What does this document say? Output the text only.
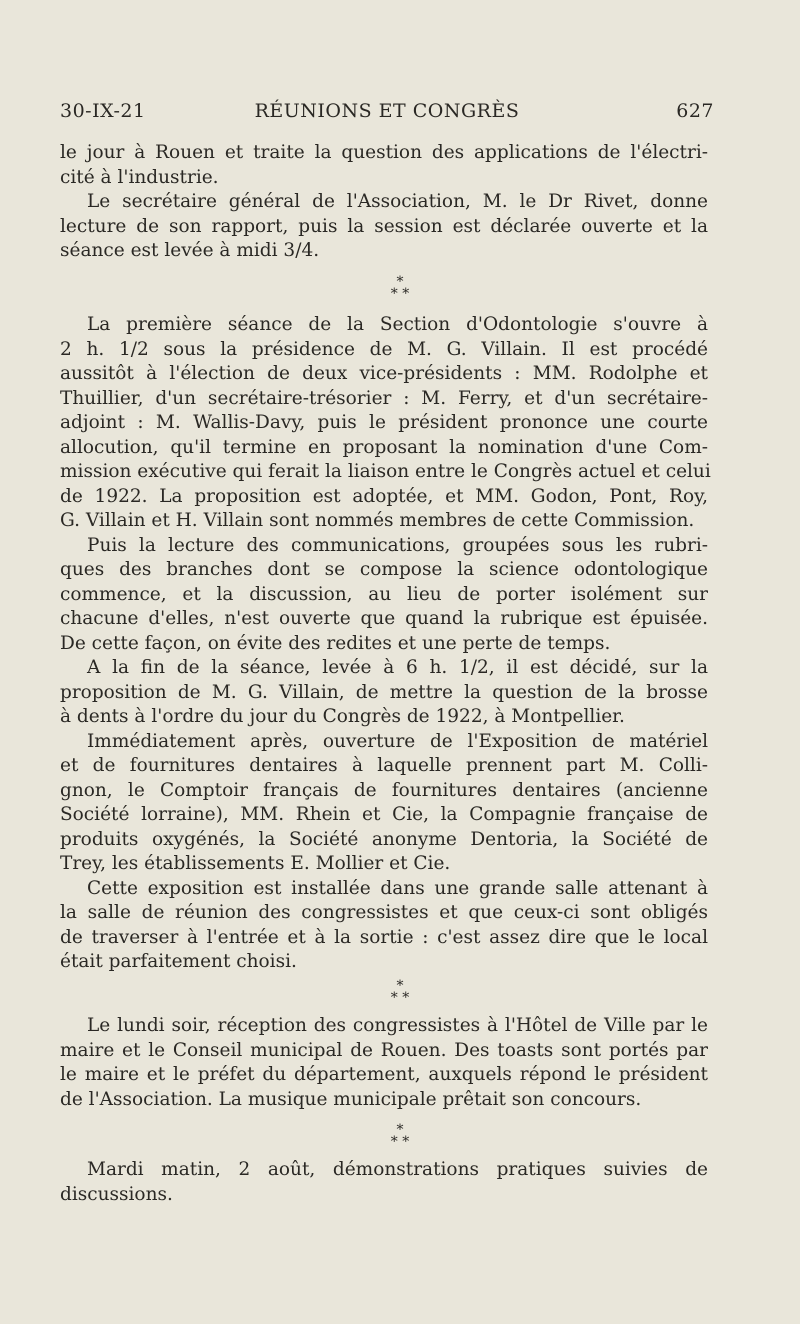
30-IX-21	RÉUNIONS ET CONGRÈS	627
le jour à Rouen et traite la question des applications de l'électri-
cité à l'industrie.
Le secrétaire général de l'Association, M. le Dr Rivet, donne
lecture de son rapport, puis la session est déclarée ouverte et la
séance est levée à midi 3/4.
*
* *
La première séance de la Section d'Odontologie s'ouvre à
2 h. 1/2 sous la présidence de M. G. Villain. Il est procédé
aussitôt à l'élection de deux vice-présidents : MM. Rodolphe et
Thuillier, d'un secrétaire-trésorier : M. Ferry, et d'un secrétaire-
adjoint : M. Wallis-Davy, puis le président prononce une courte
allocution, qu'il termine en proposant la nomination d'une Com-
mission exécutive qui ferait la liaison entre le Congrès actuel et celui
de 1922. La proposition est adoptée, et MM. Godon, Pont, Roy,
G. Villain et H. Villain sont nommés membres de cette Commission.
Puis la lecture des communications, groupées sous les rubri-
ques des branches dont se compose la science odontologique
commence, et la discussion, au lieu de porter isolément sur
chacune d'elles, n'est ouverte que quand la rubrique est épuisée.
De cette façon, on évite des redites et une perte de temps.
A la fin de la séance, levée à 6 h. 1/2, il est décidé, sur la
proposition de M. G. Villain, de mettre la question de la brosse
à dents à l'ordre du jour du Congrès de 1922, à Montpellier.
Immédiatement après, ouverture de l'Exposition de matériel
et de fournitures dentaires à laquelle prennent part M. Colli-
gnon, le Comptoir français de fournitures dentaires (ancienne
Société lorraine), MM. Rhein et Cie, la Compagnie française de
produits oxygénés, la Société anonyme Dentoria, la Société de
Trey, les établissements E. Mollier et Cie.
Cette exposition est installée dans une grande salle attenant à
la salle de réunion des congressistes et que ceux-ci sont obligés
de traverser à l'entrée et à la sortie : c'est assez dire que le local
était parfaitement choisi.
*
* *
Le lundi soir, réception des congressistes à l'Hôtel de Ville par le
maire et le Conseil municipal de Rouen. Des toasts sont portés par
le maire et le préfet du département, auxquels répond le président
de l'Association. La musique municipale prêtait son concours.
*
* *
Mardi matin, 2 août, démonstrations pratiques suivies de
discussions.
